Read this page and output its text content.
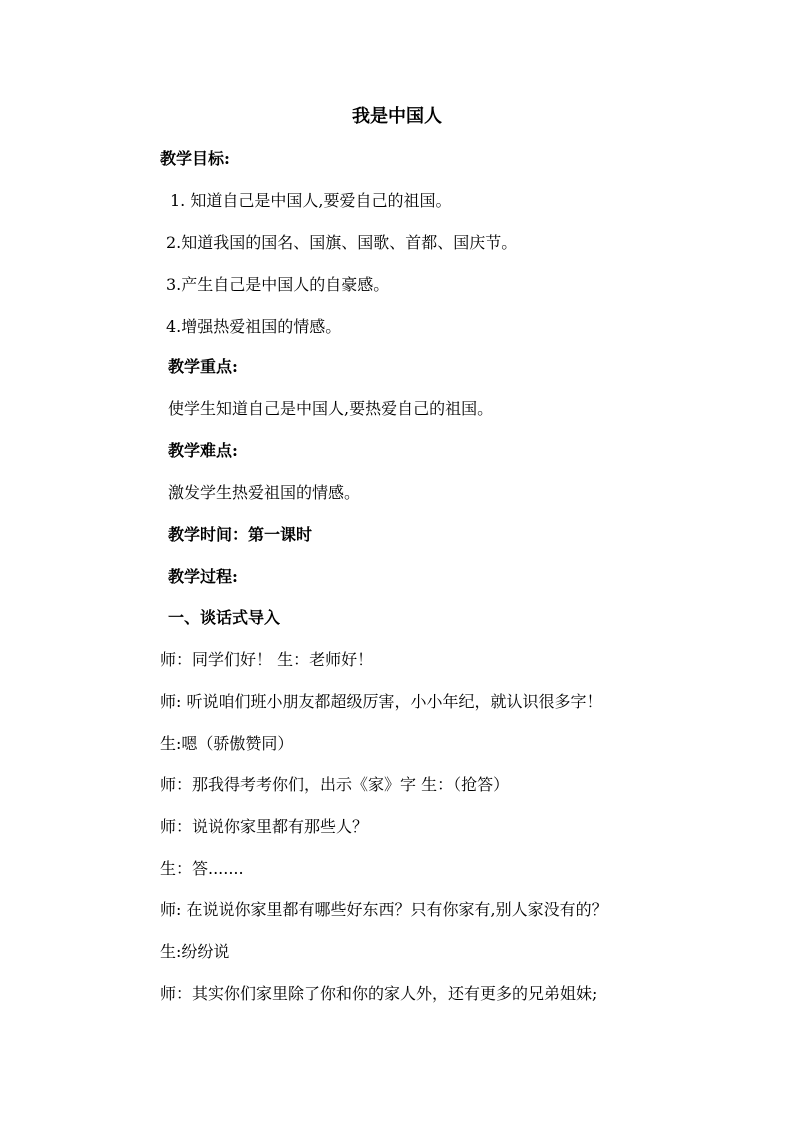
我是中国人
教学目标:
1. 知道自己是中国人,要爱自己的祖国。
2.知道我国的国名、国旗、国歌、首都、国庆节。
3.产生自己是中国人的自豪感。
4.增强热爱祖国的情感。
教学重点:
使学生知道自己是中国人,要热爱自己的祖国。
教学难点:
激发学生热爱祖国的情感。
教学时间：第一课时
教学过程:
一、谈话式导入
师：同学们好！ 生：老师好！
师: 听说咱们班小朋友都超级厉害，小小年纪，就认识很多字！
生:嗯（骄傲赞同）
师：那我得考考你们，出示《家》字 生：（抢答）
师：说说你家里都有那些人？
生：答.......
师: 在说说你家里都有哪些好东西？只有你家有,别人家没有的？
生:纷纷说
师：其实你们家里除了你和你的家人外，还有更多的兄弟姐妹;
